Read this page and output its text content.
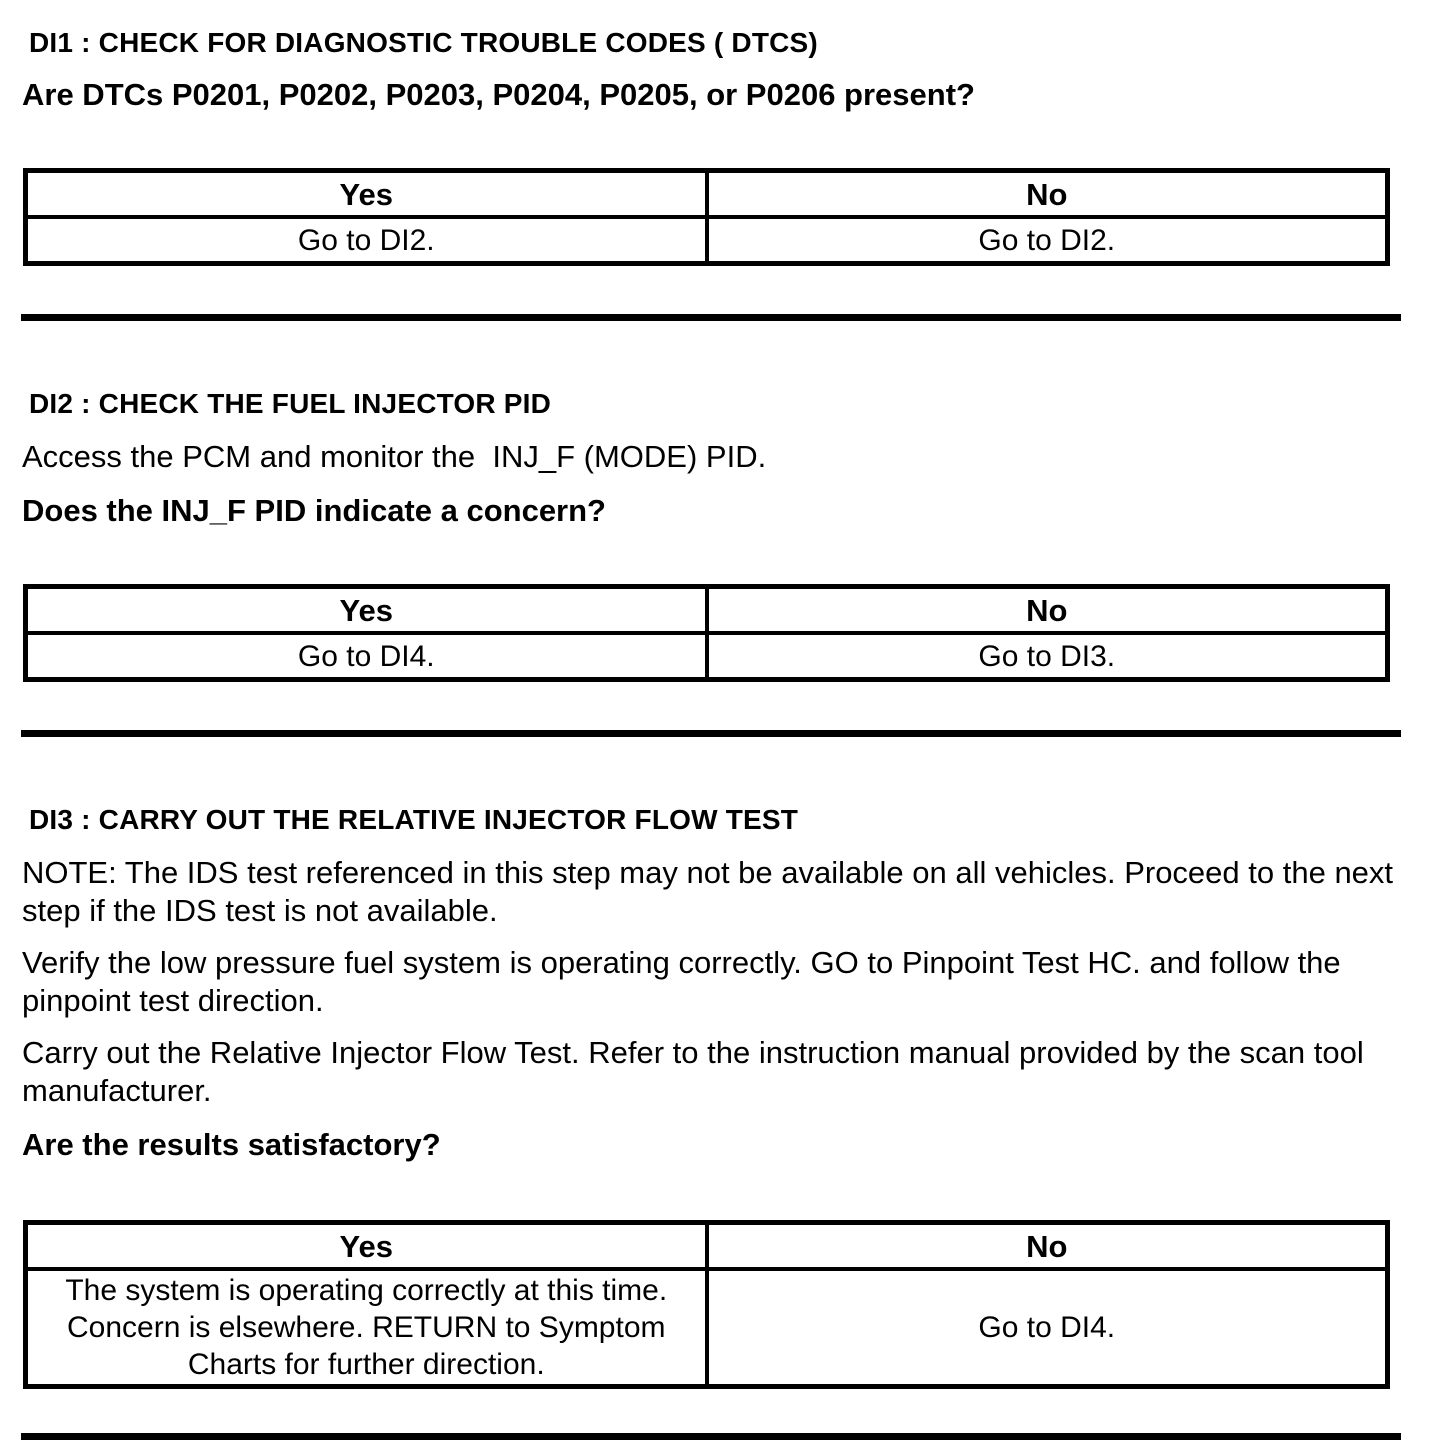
DI1 : CHECK FOR DIAGNOSTIC TROUBLE CODES ( DTCS)

Are DTCs P0201, P0202, P0203, P0204, P0205, or P0206 present?

Yes	No
Go to DI2.	Go to DI2.
DI2 : CHECK THE FUEL INJECTOR PID

Access the PCM and monitor the  INJ_F (MODE) PID.

Does the INJ_F PID indicate a concern?

Yes	No
Go to DI4.	Go to DI3.
DI3 : CARRY OUT THE RELATIVE INJECTOR FLOW TEST

NOTE: The IDS test referenced in this step may not be available on all vehicles. Proceed to the next step if the IDS test is not available.

Verify the low pressure fuel system is operating correctly. GO to Pinpoint Test HC. and follow the pinpoint test direction.

Carry out the Relative Injector Flow Test. Refer to the instruction manual provided by the scan tool manufacturer.

Are the results satisfactory?

Yes	No
The system is operating correctly at this time. Concern is elsewhere. RETURN to Symptom Charts for further direction.	Go to DI4.
